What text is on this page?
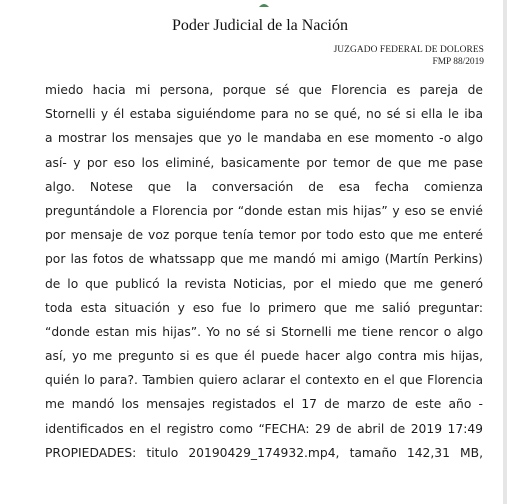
Poder Judicial de la Nación
JUZGADO FEDERAL DE DOLORES
FMP 88/2019
miedo hacia mi persona, porque sé que Florencia es pareja de
Stornelli y él estaba siguiéndome para no se qué, no sé si ella le iba
a mostrar los mensajes que yo le mandaba en ese momento -o algo
así- y por eso los eliminé, basicamente por temor de que me pase
algo. Notese que la conversación de esa fecha comienza
preguntándole a Florencia por “donde estan mis hijas” y eso se envié
por mensaje de voz porque tenía temor por todo esto que me enteré
por las fotos de whatssapp que me mandó mi amigo (Martín Perkins)
de lo que publicó la revista Noticias, por el miedo que me generó
toda esta situación y eso fue lo primero que me salió preguntar:
“donde estan mis hijas”. Yo no sé si Stornelli me tiene rencor o algo
así, yo me pregunto si es que él puede hacer algo contra mis hijas,
quién lo para?. Tambien quiero aclarar el contexto en el que Florencia
me mandó los mensajes registados el 17 de marzo de este año -
identificados en el registro como “FECHA: 29 de abril de 2019 17:49
PROPIEDADES: titulo 20190429_174932.mp4, tamaño 142,31 MB,
